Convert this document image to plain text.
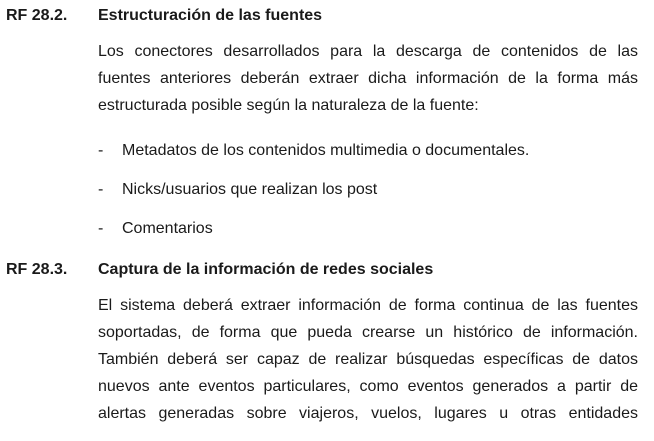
RF 28.2. Estructuración de las fuentes
Los conectores desarrollados para la descarga de contenidos de las
fuentes anteriores deberán extraer dicha información de la forma más
estructurada posible según la naturaleza de la fuente:
- Metadatos de los contenidos multimedia o documentales.
- Nicks/usuarios que realizan los post
- Comentarios
RF 28.3. Captura de la información de redes sociales
El sistema deberá extraer información de forma continua de las fuentes
soportadas, de forma que pueda crearse un histórico de información.
También deberá ser capaz de realizar búsquedas específicas de datos
nuevos ante eventos particulares, como eventos generados a partir de
alertas generadas sobre viajeros, vuelos, lugares u otras entidades
